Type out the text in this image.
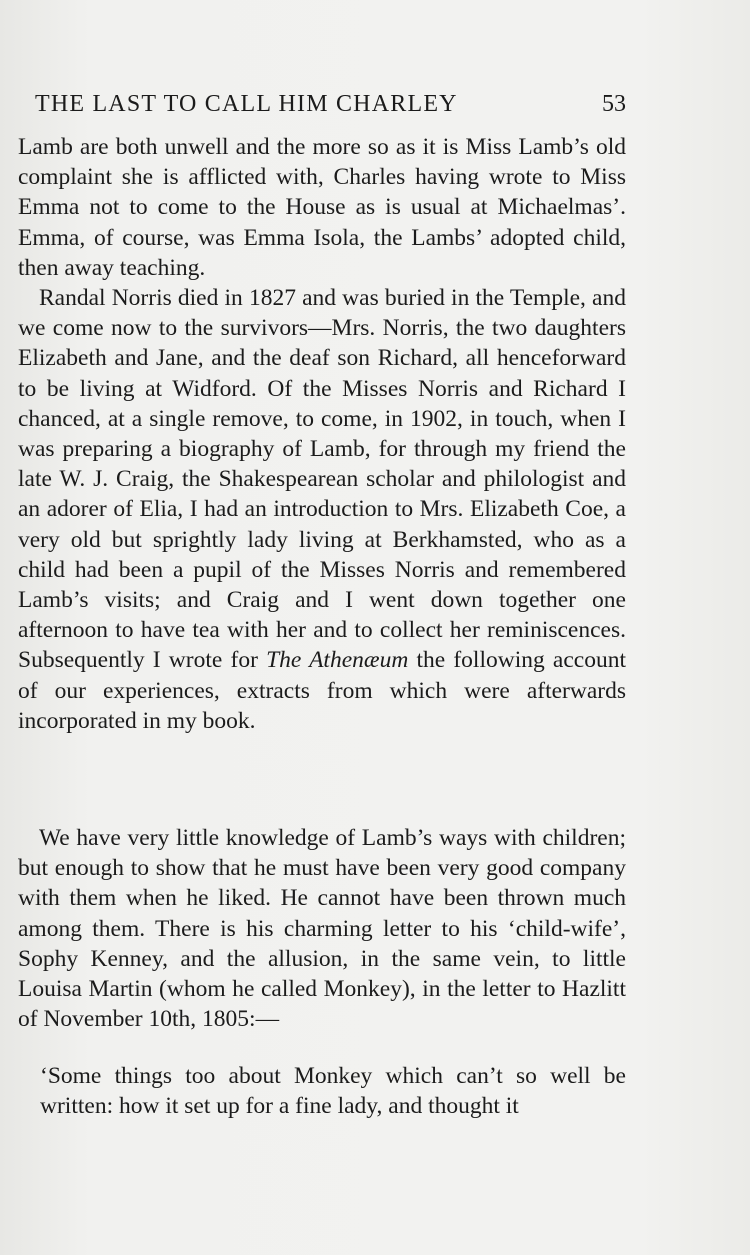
THE LAST TO CALL HIM CHARLEY	53

Lamb are both unwell and the more so as it is Miss Lamb’s old complaint she is afflicted with, Charles having wrote to Miss Emma not to come to the House as is usual at Michaelmas’. Emma, of course, was Emma Isola, the Lambs’ adopted child, then away teaching.

Randal Norris died in 1827 and was buried in the Temple, and we come now to the survivors—Mrs. Norris, the two daughters Elizabeth and Jane, and the deaf son Richard, all henceforward to be living at Widford. Of the Misses Norris and Richard I chanced, at a single remove, to come, in 1902, in touch, when I was preparing a biography of Lamb, for through my friend the late W. J. Craig, the Shakespearean scholar and philologist and an adorer of Elia, I had an introduction to Mrs. Elizabeth Coe, a very old but sprightly lady living at Berkhamsted, who as a child had been a pupil of the Misses Norris and remembered Lamb’s visits; and Craig and I went down together one afternoon to have tea with her and to collect her reminiscences. Subsequently I wrote for The Athenæum the following account of our experiences, extracts from which were afterwards incorporated in my book.

We have very little knowledge of Lamb’s ways with children; but enough to show that he must have been very good company with them when he liked. He cannot have been thrown much among them. There is his charming letter to his ‘child-wife’, Sophy Kenney, and the allusion, in the same vein, to little Louisa Martin (whom he called Monkey), in the letter to Hazlitt of November 10th, 1805:—

‘Some things too about Monkey which can’t so well be written: how it set up for a fine lady, and thought it
